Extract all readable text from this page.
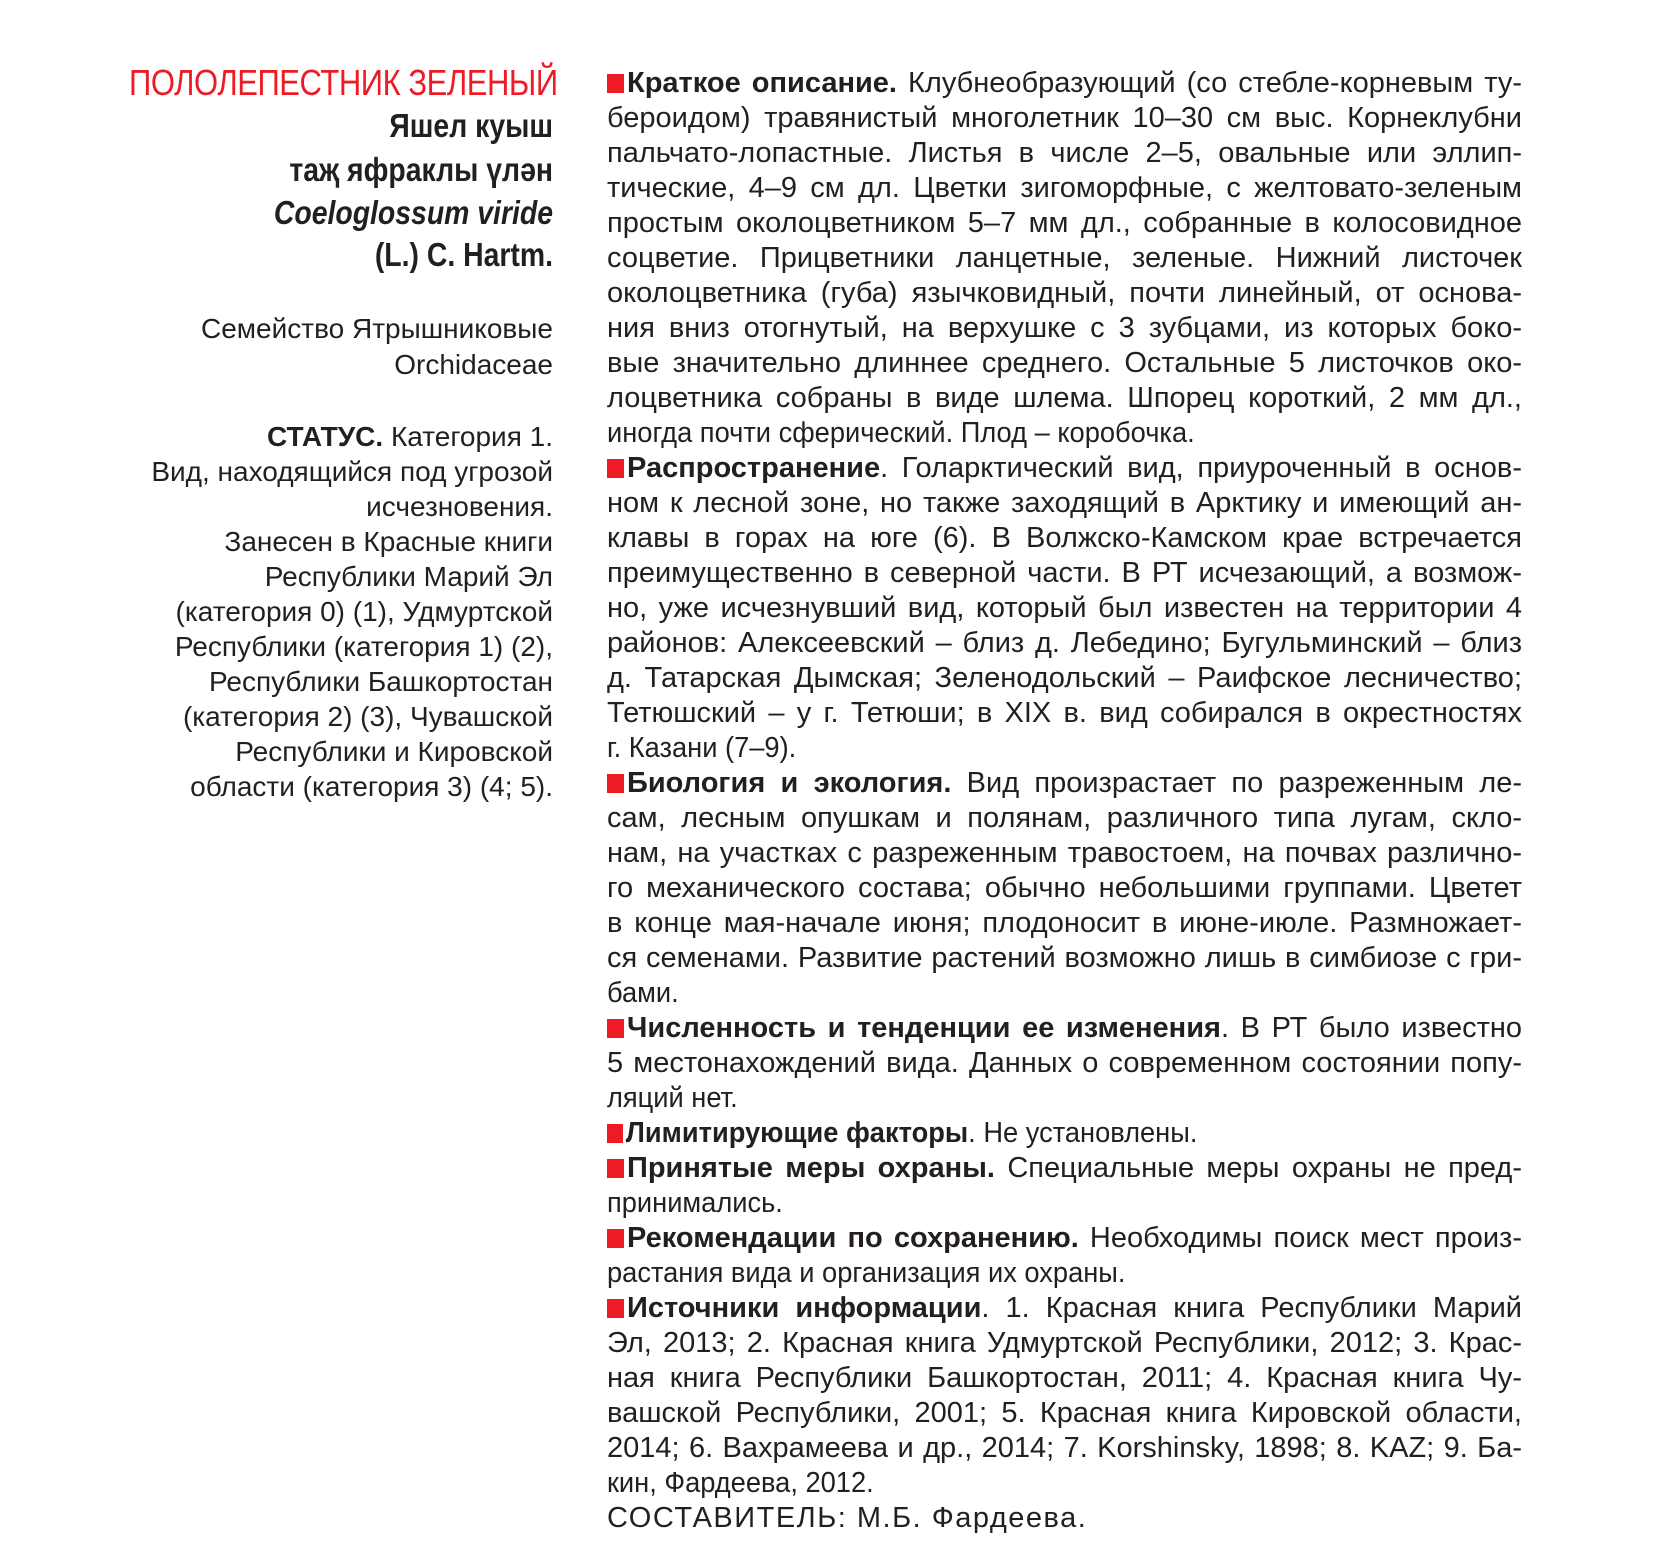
ПОЛОЛЕПЕСТНИК ЗЕЛЕНЫЙ
Яшел куыш
таҗ яфраклы үлән
Coeloglossum viride
(L.) C. Hartm.
Семейство Ятрышниковые
Orchidaceae
СТАТУС. Категория 1.
Вид, находящийся под угрозой
исчезновения.
Занесен в Красные книги
Республики Марий Эл
(категория 0) (1), Удмуртской
Республики (категория 1) (2),
Республики Башкортостан
(категория 2) (3), Чувашской
Республики и Кировской
области (категория 3) (4; 5).
Краткое описание. Клубнеобразующий (со стебле-корневым ту-
бероидом) травянистый многолетник 10–30 см выс. Корнеклубни
пальчато-лопастные. Листья в числе 2–5, овальные или эллип-
тические, 4–9 см дл. Цветки зигоморфные, с желтовато-зеленым
простым околоцветником 5–7 мм дл., собранные в колосовидное
соцветие. Прицветники ланцетные, зеленые. Нижний листочек
околоцветника (губа) язычковидный, почти линейный, от основа-
ния вниз отогнутый, на верхушке с 3 зубцами, из которых боко-
вые значительно длиннее среднего. Остальные 5 листочков око-
лоцветника собраны в виде шлема. Шпорец короткий, 2 мм дл.,
иногда почти сферический. Плод – коробочка.
Распространение. Голарктический вид, приуроченный в основ-
ном к лесной зоне, но также заходящий в Арктику и имеющий ан-
клавы в горах на юге (6). В Волжско-Камском крае встречается
преимущественно в северной части. В РТ исчезающий, а возмож-
но, уже исчезнувший вид, который был известен на территории 4
районов: Алексеевский – близ д. Лебедино; Бугульминский – близ
д. Татарская Дымская; Зеленодольский – Раифское лесничество;
Тетюшский – у г. Тетюши; в XIX в. вид собирался в окрестностях
г. Казани (7–9).
Биология и экология. Вид произрастает по разреженным ле-
сам, лесным опушкам и полянам, различного типа лугам, скло-
нам, на участках с разреженным травостоем, на почвах различно-
го механического состава; обычно небольшими группами. Цветет
в конце мая-начале июня; плодоносит в июне-июле. Размножает-
ся семенами. Развитие растений возможно лишь в симбиозе с гри-
бами.
Численность и тенденции ее изменения. В РТ было известно
5 местонахождений вида. Данных о современном состоянии попу-
ляций нет.
Лимитирующие факторы. Не установлены.
Принятые меры охраны. Специальные меры охраны не пред-
принимались.
Рекомендации по сохранению. Необходимы поиск мест произ-
растания вида и организация их охраны.
Источники информации. 1. Красная книга Республики Марий
Эл, 2013; 2. Красная книга Удмуртской Республики, 2012; 3. Крас-
ная книга Республики Башкортостан, 2011; 4. Красная книга Чу-
вашской Республики, 2001; 5. Красная книга Кировской области,
2014; 6. Вахрамеева и др., 2014; 7. Korshinsky, 1898; 8. KAZ; 9. Ба-
кин, Фардеева, 2012.
СОСТАВИТЕЛЬ: М.Б. Фардеева.
